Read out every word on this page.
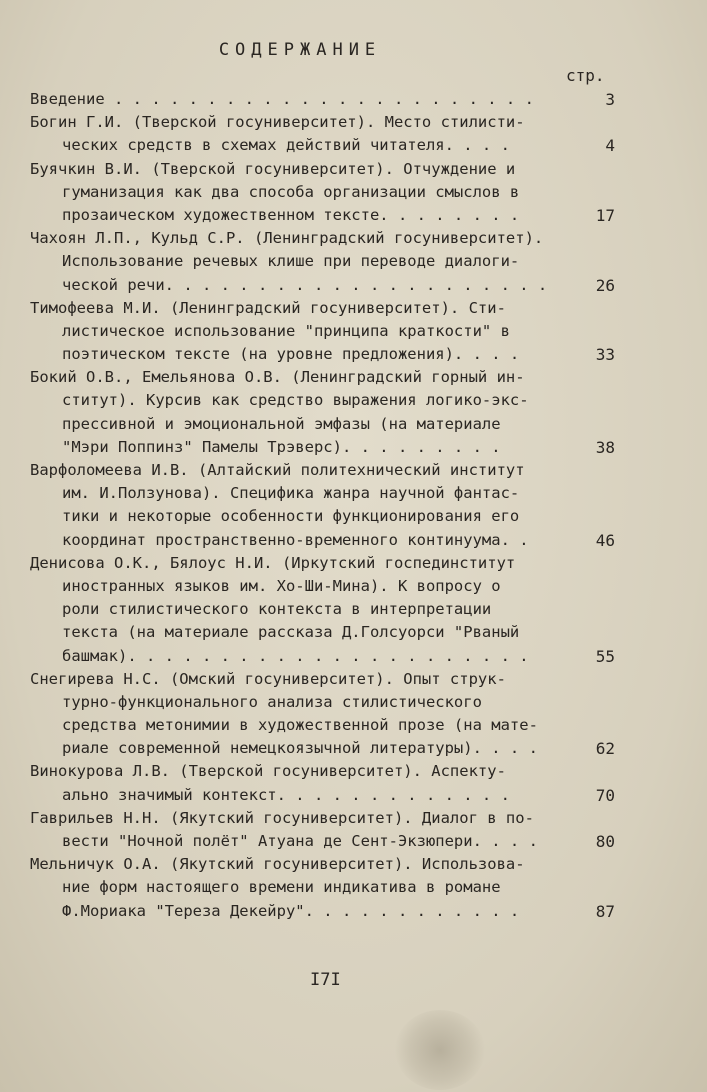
СОДЕРЖАНИЕ
стр.
Введение . . . . . . . . . . . . . . . . . . . . . . .	3
Богин Г.И. (Тверской госуниверситет). Место стилисти-
ческих средств в схемах действий читателя. . . .	4
Буячкин В.И. (Тверской госуниверситет). Отчуждение и
гуманизация как два способа организации смыслов в
прозаическом художественном тексте. . . . . . . .	17
Чахоян Л.П., Кульд С.Р. (Ленинградский госуниверситет).
Использование речевых клише при переводе диалоги-
ческой речи. . . . . . . . . . . . . . . . . . . . .	26
Тимофеева М.И. (Ленинградский госуниверситет). Сти-
листическое использование "принципа краткости" в
поэтическом тексте (на уровне предложения). . . .	33
Бокий О.В., Емельянова О.В. (Ленинградский горный ин-
ститут). Курсив как средство выражения логико-экс-
прессивной и эмоциональной эмфазы (на материале
"Мэри Поппинз" Памелы Трэверс). . . . . . . . .	38
Варфоломеева И.В. (Алтайский политехнический институт
им. И.Ползунова). Специфика жанра научной фантас-
тики и некоторые особенности функционирования его
координат пространственно-временного континуума. .	46
Денисова О.К., Бялоус Н.И. (Иркутский госпединститут
иностранных языков им. Хо-Ши-Мина). К вопросу о
роли стилистического контекста в интерпретации
текста (на материале рассказа Д.Голсуорси "Рваный
башмак). . . . . . . . . . . . . . . . . . . . . .	55
Снегирева Н.С. (Омский госуниверситет). Опыт струк-
турно-функционального анализа стилистического
средства метонимии в художественной прозе (на мате-
риале современной немецкоязычной литературы). . . .	62
Винокурова Л.В. (Тверской госуниверситет). Аспекту-
ально значимый контекст. . . . . . . . . . . . .	70
Гаврильев Н.Н. (Якутский госуниверситет). Диалог в по-
вести "Ночной полёт" Атуана де Сент-Экзюпери. . . .	80
Мельничук О.А. (Якутский госуниверситет). Использова-
ние форм настоящего времени индикатива в романе
Ф.Мориака "Тереза Декейру". . . . . . . . . . . .	87
I7I
